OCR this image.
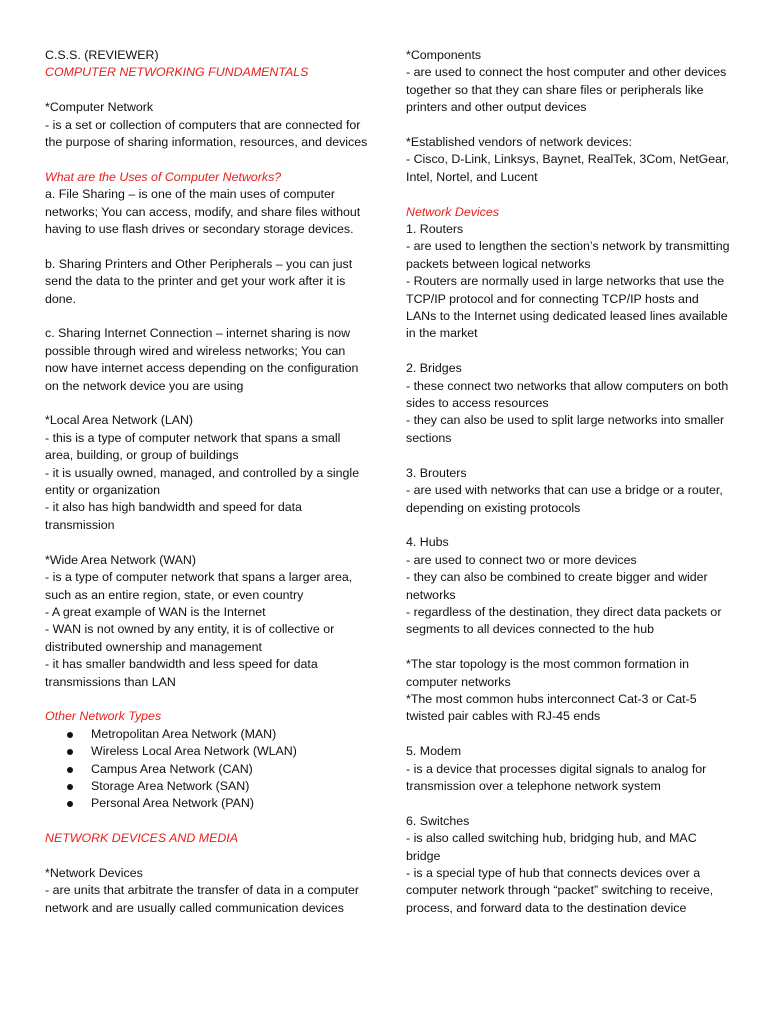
C.S.S. (REVIEWER)

COMPUTER NETWORKING FUNDAMENTALS

*Computer Network

- is a set or collection of computers that are connected for the purpose of sharing information, resources, and devices

What are the Uses of Computer Networks?

a. File Sharing – is one of the main uses of computer networks; You can access, modify, and share files without having to use flash drives or secondary storage devices.

b. Sharing Printers and Other Peripherals – you can just send the data to the printer and get your work after it is done.

c. Sharing Internet Connection – internet sharing is now possible through wired and wireless networks; You can now have internet access depending on the configuration on the network device you are using

*Local Area Network (LAN)

- this is a type of computer network that spans a small area, building, or group of buildings

- it is usually owned, managed, and controlled by a single entity or organization

- it also has high bandwidth and speed for data transmission

*Wide Area Network (WAN)

- is a type of computer network that spans a larger area, such as an entire region, state, or even country

- A great example of WAN is the Internet

- WAN is not owned by any entity, it is of collective or distributed ownership and management

- it has smaller bandwidth and less speed for data transmissions than LAN

Other Network Types

Metropolitan Area Network (MAN)
Wireless Local Area Network (WLAN)
Campus Area Network (CAN)
Storage Area Network (SAN)
Personal Area Network (PAN)

NETWORK DEVICES AND MEDIA

*Network Devices

- are units that arbitrate the transfer of data in a computer network and are usually called communication devices

*Components

- are used to connect the host computer and other devices together so that they can share files or peripherals like printers and other output devices

*Established vendors of network devices:

- Cisco, D-Link, Linksys, Baynet, RealTek, 3Com, NetGear, Intel, Nortel, and Lucent

Network Devices

1. Routers

- are used to lengthen the section’s network by transmitting packets between logical networks

- Routers are normally used in large networks that use the TCP/IP protocol and for connecting TCP/IP hosts and LANs to the Internet using dedicated leased lines available in the market

2. Bridges

- these connect two networks that allow computers on both sides to access resources

- they can also be used to split large networks into smaller sections

3. Brouters

- are used with networks that can use a bridge or a router, depending on existing protocols

4. Hubs

- are used to connect two or more devices

- they can also be combined to create bigger and wider networks

- regardless of the destination, they direct data packets or segments to all devices connected to the hub

*The star topology is the most common formation in computer networks

*The most common hubs interconnect Cat-3 or Cat-5 twisted pair cables with RJ-45 ends

5. Modem

- is a device that processes digital signals to analog for transmission over a telephone network system

6. Switches

- is also called switching hub, bridging hub, and MAC bridge

- is a special type of hub that connects devices over a computer network through “packet” switching to receive, process, and forward data to the destination device
